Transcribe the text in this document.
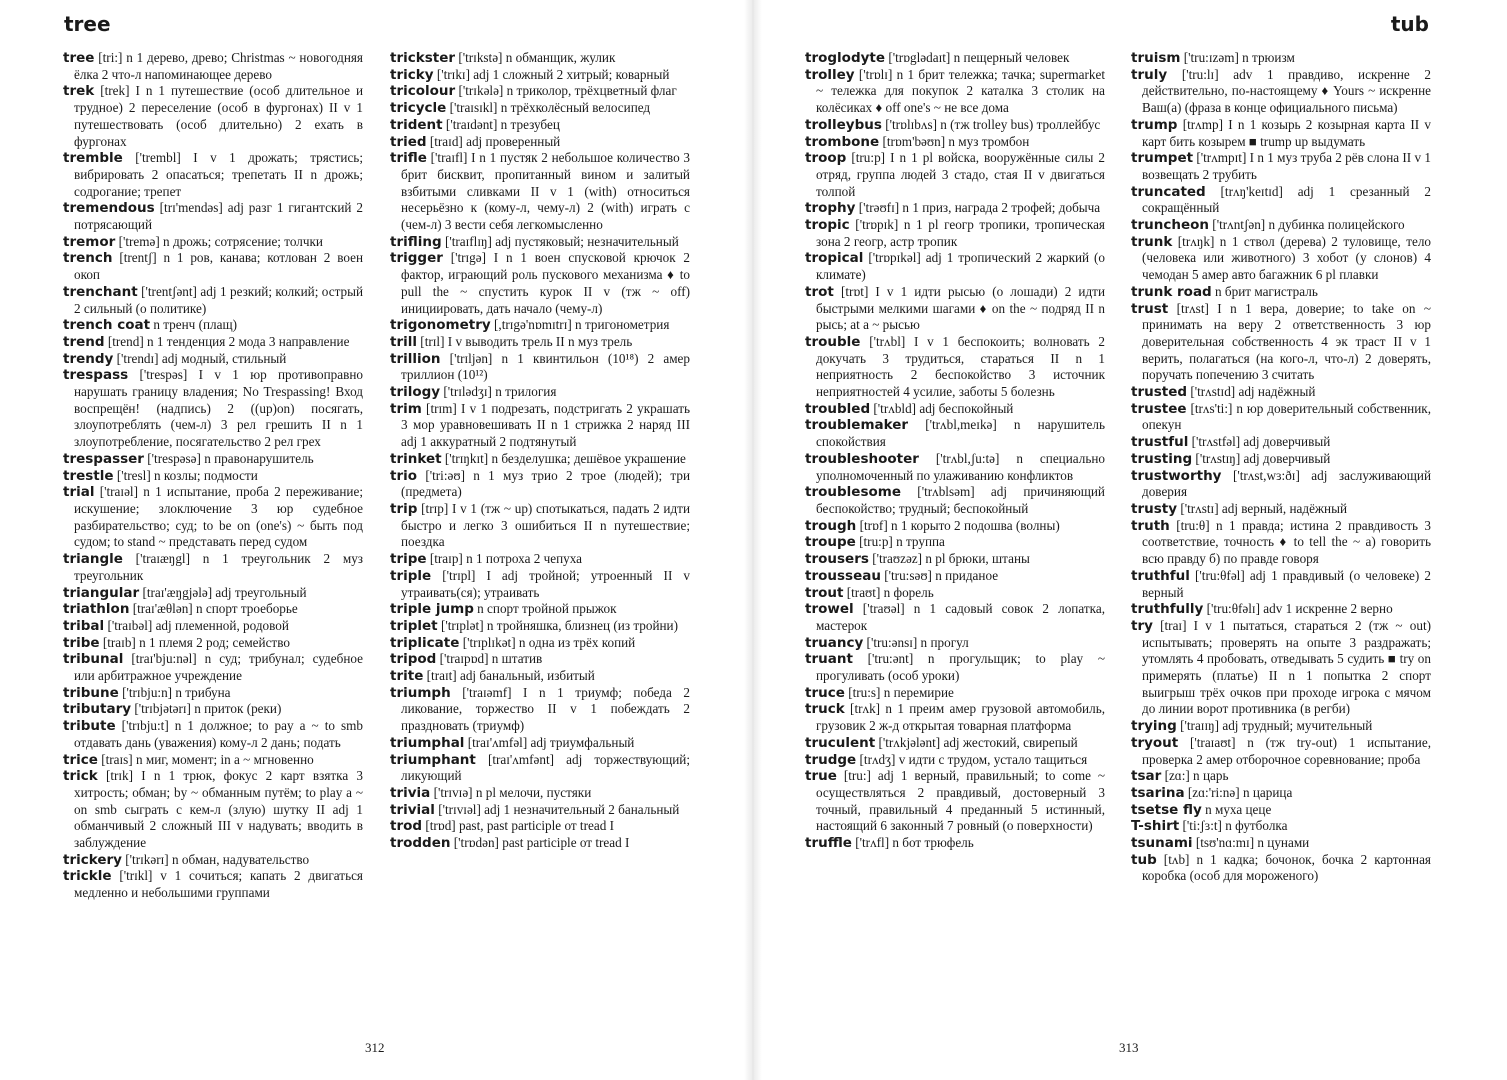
tree

tree [tri:] n 1 дерево, древо; Christmas ~ новогодняя ёлка 2 что-л напоминающее дерево

trek [trek] I n 1 путешествие (особ длительное и трудное) 2 переселение (особ в фургонах) II v 1 путешествовать (особ длительно) 2 ехать в фургонах

tremble ['trembl] I v 1 дрожать; трястись; вибрировать 2 опасаться; трепетать II n дрожь; содрогание; трепет

tremendous [trɪ'mendəs] adj разг 1 гигантский 2 потрясающий

tremor ['tremə] n дрожь; сотрясение; толчки

trench [trentʃ] n 1 ров, канава; котлован 2 воен окоп

trenchant ['trentʃənt] adj 1 резкий; колкий; острый 2 сильный (о политике)

trench coat n тренч (плащ)

trend [trend] n 1 тенденция 2 мода 3 направление

trendy ['trendɪ] adj модный, стильный

trespass ['trespəs] I v 1 юр противоправно нарушать границу владения; No Trespassing! Вход воспрещён! (надпись) 2 ((up)on) посягать, злоупотреблять (чем-л) 3 рел грешить II n 1 злоупотребление, посягательство 2 рел грех

trespasser ['trespəsə] n правонарушитель

trestle ['tresl] n козлы; подмости

trial ['traɪəl] n 1 испытание, проба 2 переживание; искушение; злоключение 3 юр судебное разбирательство; суд; to be on (one's) ~ быть под судом; to stand ~ представать перед судом

triangle ['traɪæŋgl] n 1 треугольник 2 муз треугольник

triangular [traɪ'æŋgjələ] adj треугольный

triathlon [traɪ'æθlən] n спорт троеборье

tribal ['traɪbəl] adj племенной, родовой

tribe [traɪb] n 1 племя 2 род; семейство

tribunal [traɪ'bju:nəl] n суд; трибунал; судебное или арбитражное учреждение

tribune ['trɪbju:n] n трибуна

tributary ['trɪbjətərɪ] n приток (реки)

tribute ['trɪbju:t] n 1 должное; to pay a ~ to smb отдавать дань (уважения) кому-л 2 дань; подать

trice [traɪs] n миг, момент; in a ~ мгновенно

trick [trɪk] I n 1 трюк, фокус 2 карт взятка 3 хитрость; обман; by ~ обманным путём; to play a ~ on smb сыграть с кем-л (злую) шутку II adj 1 обманчивый 2 сложный III v надувать; вводить в заблуждение

trickery ['trɪkərɪ] n обман, надувательство

trickle ['trɪkl] v 1 сочиться; капать 2 двигаться медленно и небольшими группами

trickster ['trɪkstə] n обманщик, жулик

tricky ['trɪkɪ] adj 1 сложный 2 хитрый; коварный

tricolour ['trɪkələ] n триколор, трёхцветный флаг

tricycle ['traɪsɪkl] n трёхколёсный велосипед

trident ['traɪdənt] n трезубец

tried [traɪd] adj проверенный

trifle ['traɪfl] I n 1 пустяк 2 небольшое количество 3 брит бисквит, пропитанный вином и залитый взбитыми сливками II v 1 (with) относиться несерьёзно к (кому-л, чему-л) 2 (with) играть с (чем-л) 3 вести себя легкомысленно

trifling ['traɪflɪŋ] adj пустяковый; незначительный

trigger ['trɪgə] I n 1 воен спусковой крючок 2 фактор, играющий роль пускового механизма ♦ to pull the ~ спустить курок II v (тж ~ off) инициировать, дать начало (чему-л)

trigonometry [,trɪgə'nɒmɪtrɪ] n тригонометрия

trill [trɪl] I v выводить трель II n муз трель

trillion ['trɪljən] n 1 квинтильон (10¹⁸) 2 амер триллион (10¹²)

trilogy ['trɪlədʒɪ] n трилогия

trim [trɪm] I v 1 подрезать, подстригать 2 украшать 3 мор уравновешивать II n 1 стрижка 2 наряд III adj 1 аккуратный 2 подтянутый

trinket ['trɪŋkɪt] n безделушка; дешёвое украшение

trio ['tri:əʊ] n 1 муз трио 2 трое (людей); три (предмета)

trip [trɪp] I v 1 (тж ~ up) спотыкаться, падать 2 идти быстро и легко 3 ошибиться II n путешествие; поездка

tripe [traɪp] n 1 потроха 2 чепуха

triple ['trɪpl] I adj тройной; утроенный II v утраивать(ся); утраивать

triple jump n спорт тройной прыжок

triplet ['trɪplət] n тройняшка, близнец (из тройни)

triplicate ['trɪplɪkət] n одна из трёх копий

tripod ['traɪpɒd] n штатив

trite [traɪt] adj банальный, избитый

triumph ['traɪəmf] I n 1 триумф; победа 2 ликование, торжество II v 1 побеждать 2 праздновать (триумф)

triumphal [traɪ'ʌmfəl] adj триумфальный

triumphant [traɪ'ʌmfənt] adj торжествующий; ликующий

trivia ['trɪvɪə] n pl мелочи, пустяки

trivial ['trɪvɪəl] adj 1 незначительный 2 банальный

trod [trɒd] past, past participle от tread I

trodden ['trɒdən] past participle от tread I

312
tub

troglodyte ['trɒglədaɪt] n пещерный человек

trolley ['trɒlɪ] n 1 брит тележка; тачка; supermarket ~ тележка для покупок 2 каталка 3 столик на колёсиках ♦ off one's ~ не все дома

trolleybus ['trɒlɪbʌs] n (тж trolley bus) троллейбус

trombone [trɒm'bəʊn] n муз тромбон

troop [tru:p] I n 1 pl войска, вооружённые силы 2 отряд, группа людей 3 стадо, стая II v двигаться толпой

trophy ['trəʊfɪ] n 1 приз, награда 2 трофей; добыча

tropic ['trɒpɪk] n 1 pl геогр тропики, тропическая зона 2 геогр, астр тропик

tropical ['trɒpɪkəl] adj 1 тропический 2 жаркий (о климате)

trot [trɒt] I v 1 идти рысью (о лошади) 2 идти быстрыми мелкими шагами ♦ on the ~ подряд II n рысь; at a ~ рысью

trouble ['trʌbl] I v 1 беспокоить; волновать 2 докучать 3 трудиться, стараться II n 1 неприятность 2 беспокойство 3 источник неприятностей 4 усилие, заботы 5 болезнь

troubled ['trʌbld] adj беспокойный

troublemaker ['trʌbl,meɪkə] n нарушитель спокойствия

troubleshooter ['trʌbl,ʃu:tə] n специально уполномоченный по улаживанию конфликтов

troublesome ['trʌblsəm] adj причиняющий беспокойство; трудный; беспокойный

trough [trɒf] n 1 корыто 2 подошва (волны)

troupe [tru:p] n труппа

trousers ['traʊzəz] n pl брюки, штаны

trousseau ['tru:səʊ] n приданое

trout [traʊt] n форель

trowel ['traʊəl] n 1 садовый совок 2 лопатка, мастерок

truancy ['tru:ənsɪ] n прогул

truant ['tru:ənt] n прогульщик; to play ~ прогуливать (особ уроки)

truce [tru:s] n перемирие

truck [trʌk] n 1 преим амер грузовой автомобиль, грузовик 2 ж-д открытая товарная платформа

truculent ['trʌkjələnt] adj жестокий, свирепый

trudge [trʌdʒ] v идти с трудом, устало тащиться

true [tru:] adj 1 верный, правильный; to come ~ осуществляться 2 правдивый, достоверный 3 точный, правильный 4 преданный 5 истинный, настоящий 6 законный 7 ровный (о поверхности)

truffle ['trʌfl] n бот трюфель

truism ['tru:ɪzəm] n трюизм

truly ['tru:lɪ] adv 1 правдиво, искренне 2 действительно, по-настоящему ♦ Yours ~ искренне Ваш(а) (фраза в конце официального письма)

trump [trʌmp] I n 1 козырь 2 козырная карта II v карт бить козырем ■ trump up выдумать

trumpet ['trʌmpɪt] I n 1 муз труба 2 рёв слона II v 1 возвещать 2 трубить

truncated [trʌŋ'keɪtɪd] adj 1 срезанный 2 сокращённый

truncheon ['trʌntʃən] n дубинка полицейского

trunk [trʌŋk] n 1 ствол (дерева) 2 туловище, тело (человека или животного) 3 хобот (у слонов) 4 чемодан 5 амер авто багажник 6 pl плавки

trunk road n брит магистраль

trust [trʌst] I n 1 вера, доверие; to take on ~ принимать на веру 2 ответственность 3 юр доверительная собственность 4 эк траст II v 1 верить, полагаться (на кого-л, что-л) 2 доверять, поручать попечению 3 считать

trusted ['trʌstɪd] adj надёжный

trustee [trʌs'ti:] n юр доверительный собственник, опекун

trustful ['trʌstfəl] adj доверчивый

trusting ['trʌstɪŋ] adj доверчивый

trustworthy ['trʌst,wɜ:ðɪ] adj заслуживающий доверия

trusty ['trʌstɪ] adj верный, надёжный

truth [tru:θ] n 1 правда; истина 2 правдивость 3 соответствие, точность ♦ to tell the ~ а) говорить всю правду б) по правде говоря

truthful ['tru:θfəl] adj 1 правдивый (о человеке) 2 верный

truthfully ['tru:θfəlɪ] adv 1 искренне 2 верно

try [traɪ] I v 1 пытаться, стараться 2 (тж ~ out) испытывать; проверять на опыте 3 раздражать; утомлять 4 пробовать, отведывать 5 судить ■ try on примерять (платье) II n 1 попытка 2 спорт выигрыш трёх очков при проходе игрока с мячом до линии ворот противника (в регби)

trying ['traɪɪŋ] adj трудный; мучительный

tryout ['traɪaʊt] n (тж try-out) 1 испытание, проверка 2 амер отборочное соревнование; проба

tsar [zɑ:] n царь

tsarina [zɑ:'ri:nə] n царица

tsetse fly n муха цеце

T-shirt ['ti:ʃɜ:t] n футболка

tsunami [tsʊ'nɑ:mɪ] n цунами

tub [tʌb] n 1 кадка; бочонок, бочка 2 картонная коробка (особ для мороженого)

313
